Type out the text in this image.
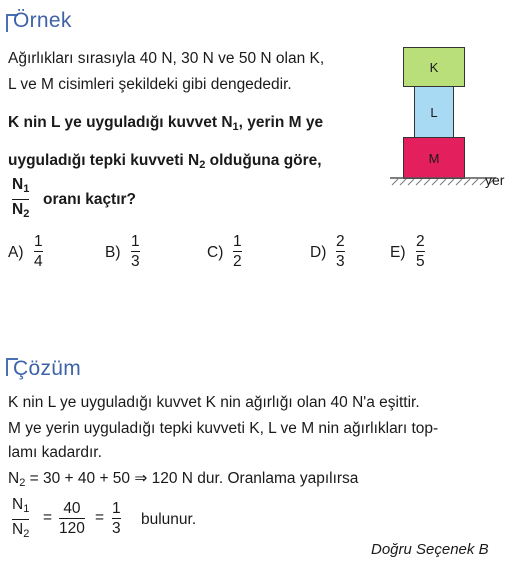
Örnek
Ağırlıkları sırasıyla 40 N, 30 N ve 50 N olan K,
L ve M cisimleri şekildeki gibi dengededir.
K nin L ye uyguladığı kuvvet $N_1$, yerin M ye
uyguladığı tepki kuvveti $N_2$ olduğuna göre,
$N_1$
$N_2$
oranı kaçtır?
A)
1
4
B)
1
3
C)
1
2
D)
2
3
E)
2
5
K
L
M
yer
Çözüm
K nin L ye uyguladığı kuvvet K nin ağırlığı olan 40 N'a eşittir.
M ye yerin uyguladığı tepki kuvveti K, L ve M nin ağırlıkları top-
lamı kadardır.
$N_2 = 30 + 40 + 50$ ⇒ 120 N dur. Oranlama yapılırsa
$N_1$
$N_2$
=
40
120
=
1
3
bulunur.
Doğru Seçenek B
